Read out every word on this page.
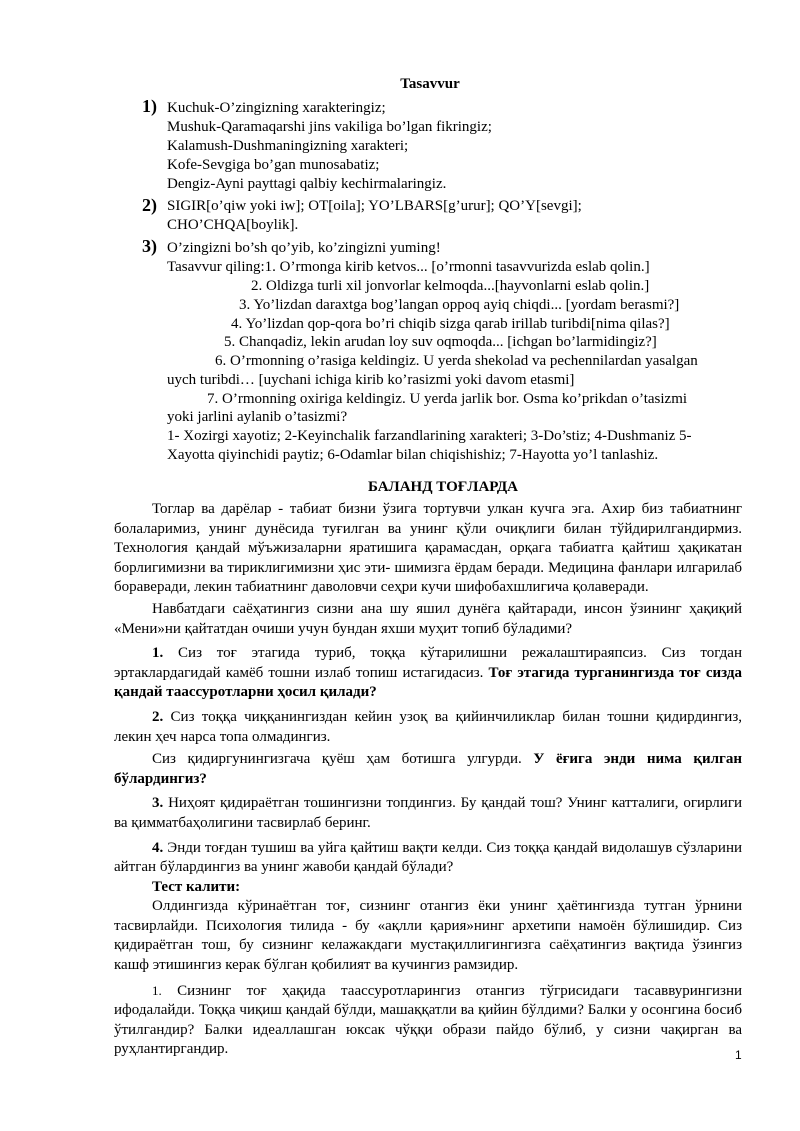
Tasavvur
1) Kuchuk-O’zingizning xarakteringiz;
Mushuk-Qaramaqarshi jins vakiliga bo’lgan fikringiz;
Kalamush-Dushmaningizning xarakteri;
Kofe-Sevgiga bo’gan munosabatiz;
Dengiz-Ayni payttagi qalbiy kechirmalaringiz.
2) SIGIR[o’qiw yoki iw]; OT[oila]; YO’LBARS[g’urur]; QO’Y[sevgi];
CHO’CHQA[boylik].
3) O’zingizni bo’sh qo’yib, ko’zingizni yuming!
Tasavvur qiling:1. O’rmonga kirib ketvos... [o’rmonni tasavvurizda eslab qolin.]
2. Oldizga turli xil jonvorlar kelmoqda...[hayvonlarni eslab qolin.]
3. Yo’lizdan daraxtga bog’langan oppoq ayiq chiqdi... [yordam berasmi?]
4. Yo’lizdan qop-qora bo’ri chiqib sizga qarab irillab turibdi[nima qilas?]
5. Chanqadiz, lekin arudan loy suv oqmoqda... [ichgan bo’larmidingiz?]
6. O’rmonning o’rasiga keldingiz. U yerda shekolad va pechennilardan yasalgan
uych turibdi… [uychani ichiga kirib ko’rasizmi yoki davom etasmi]
7. O’rmonning oxiriga keldingiz. U yerda jarlik bor. Osma ko’prikdan o’tasizmi
yoki jarlini aylanib o’tasizmi?
1- Xozirgi xayotiz; 2-Keyinchalik farzandlarining xarakteri; 3-Do’stiz; 4-Dushmaniz 5-
Xayotta qiyinchidi paytiz; 6-Odamlar bilan chiqishishiz; 7-Hayotta yo’l tanlashiz.
БАЛАНД ТОҒЛАРДА

Тоглар ва дарёлар - табиат бизни ўзига тортувчи улкан кучга эга. Ахир биз табиатнинг болаларимиз, унинг дунёсида туғилган ва унинг қўли очиқлиги билан тўйдирилгандирмиз. Технология қандай мўъжизаларни яратишига қарамасдан, орқага табиатга қайтиш ҳақикатан борлигимизни ва тириклигимизни ҳис эти- шимизга ёрдам беради. Медицина фанлари илгарилаб бораверади, лекин табиатнинг даволовчи сеҳри кучи шифобахшлигича қолаверади.

Навбатдаги саёҳатингиз сизни ана шу яшил дунёга қайтаради, инсон ўзининг ҳақиқий «Мени»ни қайтатдан очиши учун бундан яхши муҳит топиб бўладими?

1. Сиз тоғ этагида туриб, тоққа кўтарилишни режалаштираяпсиз. Сиз тогдан эртаклардагидай камёб тошни излаб топиш истагидасиз. Тоғ этагида турганингизда тоғ сизда қандай таассуротларни ҳосил қилади?

2. Сиз тоққа чиққанингиздан кейин узоқ ва қийинчиликлар билан тошни қидирдингиз, лекин ҳеч нарса топа олмадингиз.

Сиз қидиргунингизгача қуёш ҳам ботишга улгурди. У ёғига энди нима қилган бўлардингиз?

3. Ниҳоят қидираётган тошингизни топдингиз. Бу қандай тош? Унинг катталиги, огирлиги ва қимматбаҳолигини тасвирлаб беринг.

4. Энди тоғдан тушиш ва уйга қайтиш вақти келди. Сиз тоққа қандай видолашув сўзларини айтган бўлардингиз ва унинг жавоби қандай бўлади?

Тест калити:

Олдингизда кўринаётган тоғ, сизнинг отангиз ёки унинг ҳаётингизда тутган ўрнини тасвирлайди. Психология тилида - бу «ақлли қария»нинг архетипи намоён бўлишидир. Сиз қидираётган тош, бу сизнинг келажакдаги мустақиллигингизга саёҳатингиз вақтида ўзингиз кашф этишингиз керак бўлган қобилият ва кучингиз рамзидир.

1. Сизнинг тоғ ҳақида таассуротларингиз отангиз тўгрисидаги тасаввурингизни ифодалайди. Тоққа чиқиш қандай бўлди, машаққатли ва қийин бўлдими? Балки у осонгина босиб ўтилгандир? Балки идеаллашган юксак чўққи образи пайдо бўлиб, у сизни чақирган ва руҳлантиргандир.	1
